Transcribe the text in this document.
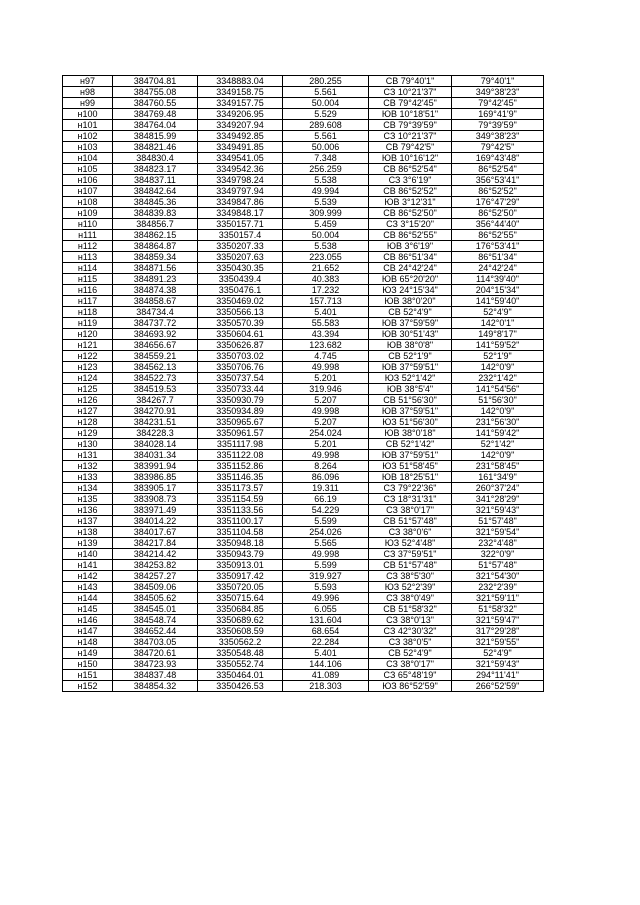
н97	384704.81	3348883.04	280.255	СВ 79°40'1"	79°40'1"
н98	384755.08	3349158.75	5.561	СЗ 10°21'37"	349°38'23"
н99	384760.55	3349157.75	50.004	СВ 79°42'45"	79°42'45"
н100	384769.48	3349206.95	5.529	ЮВ 10°18'51"	169°41'9"
н101	384764.04	3349207.94	289.608	СВ 79°39'59"	79°39'59"
н102	384815.99	3349492.85	5.561	СЗ 10°21'37"	349°38'23"
н103	384821.46	3349491.85	50.006	СВ 79°42'5"	79°42'5"
н104	384830.4	3349541.05	7.348	ЮВ 10°16'12"	169°43'48"
н105	384823.17	3349542.36	256.259	СВ 86°52'54"	86°52'54"
н106	384837.11	3349798.24	5.538	СЗ 3°6'19"	356°53'41"
н107	384842.64	3349797.94	49.994	СВ 86°52'52"	86°52'52"
н108	384845.36	3349847.86	5.539	ЮВ 3°12'31"	176°47'29"
н109	384839.83	3349848.17	309.999	СВ 86°52'50"	86°52'50"
н110	384856.7	3350157.71	5.459	СЗ 3°15'20"	356°44'40"
н111	384862.15	3350157.4	50.004	СВ 86°52'55"	86°52'55"
н112	384864.87	3350207.33	5.538	ЮВ 3°6'19"	176°53'41"
н113	384859.34	3350207.63	223.055	СВ 86°51'34"	86°51'34"
н114	384871.56	3350430.35	21.652	СВ 24°42'24"	24°42'24"
н115	384891.23	3350439.4	40.383	ЮВ 65°20'20"	114°39'40"
н116	384874.38	3350476.1	17.232	ЮЗ 24°15'34"	204°15'34"
н117	384858.67	3350469.02	157.713	ЮВ 38°0'20"	141°59'40"
н118	384734.4	3350566.13	5.401	СВ 52°4'9"	52°4'9"
н119	384737.72	3350570.39	55.583	ЮВ 37°59'59"	142°0'1"
н120	384693.92	3350604.61	43.394	ЮВ 30°51'43"	149°8'17"
н121	384656.67	3350626.87	123.682	ЮВ 38°0'8"	141°59'52"
н122	384559.21	3350703.02	4.745	СВ 52°1'9"	52°1'9"
н123	384562.13	3350706.76	49.998	ЮВ 37°59'51"	142°0'9"
н124	384522.73	3350737.54	5.201	ЮЗ 52°1'42"	232°1'42"
н125	384519.53	3350733.44	319.946	ЮВ 38°5'4"	141°54'56"
н126	384267.7	3350930.79	5.207	СВ 51°56'30"	51°56'30"
н127	384270.91	3350934.89	49.998	ЮВ 37°59'51"	142°0'9"
н128	384231.51	3350965.67	5.207	ЮЗ 51°56'30"	231°56'30"
н129	384228.3	3350961.57	254.024	ЮВ 38°0'18"	141°59'42"
н130	384028.14	3351117.98	5.201	СВ 52°1'42"	52°1'42"
н131	384031.34	3351122.08	49.998	ЮВ 37°59'51"	142°0'9"
н132	383991.94	3351152.86	8.264	ЮЗ 51°58'45"	231°58'45"
н133	383986.85	3351146.35	86.096	ЮВ 18°25'51"	161°34'9"
н134	383905.17	3351173.57	19.311	СЗ 79°22'36"	260°37'24"
н135	383908.73	3351154.59	66.19	СЗ 18°31'31"	341°28'29"
н136	383971.49	3351133.56	54.229	СЗ 38°0'17"	321°59'43"
н137	384014.22	3351100.17	5.599	СВ 51°57'48"	51°57'48"
н138	384017.67	3351104.58	254.026	СЗ 38°0'6"	321°59'54"
н139	384217.84	3350948.18	5.565	ЮЗ 52°4'48"	232°4'48"
н140	384214.42	3350943.79	49.998	СЗ 37°59'51"	322°0'9"
н141	384253.82	3350913.01	5.599	СВ 51°57'48"	51°57'48"
н142	384257.27	3350917.42	319.927	СЗ 38°5'30"	321°54'30"
н143	384509.06	3350720.05	5.593	ЮЗ 52°2'39"	232°2'39"
н144	384505.62	3350715.64	49.996	СЗ 38°0'49"	321°59'11"
н145	384545.01	3350684.85	6.055	СВ 51°58'32"	51°58'32"
н146	384548.74	3350689.62	131.604	СЗ 38°0'13"	321°59'47"
н147	384652.44	3350608.59	68.654	СЗ 42°30'32"	317°29'28"
н148	384703.05	3350562.2	22.284	СЗ 38°0'5"	321°59'55"
н149	384720.61	3350548.48	5.401	СВ 52°4'9"	52°4'9"
н150	384723.93	3350552.74	144.106	СЗ 38°0'17"	321°59'43"
н151	384837.48	3350464.01	41.089	СЗ 65°48'19"	294°11'41"
н152	384854.32	3350426.53	218.303	ЮЗ 86°52'59"	266°52'59"
